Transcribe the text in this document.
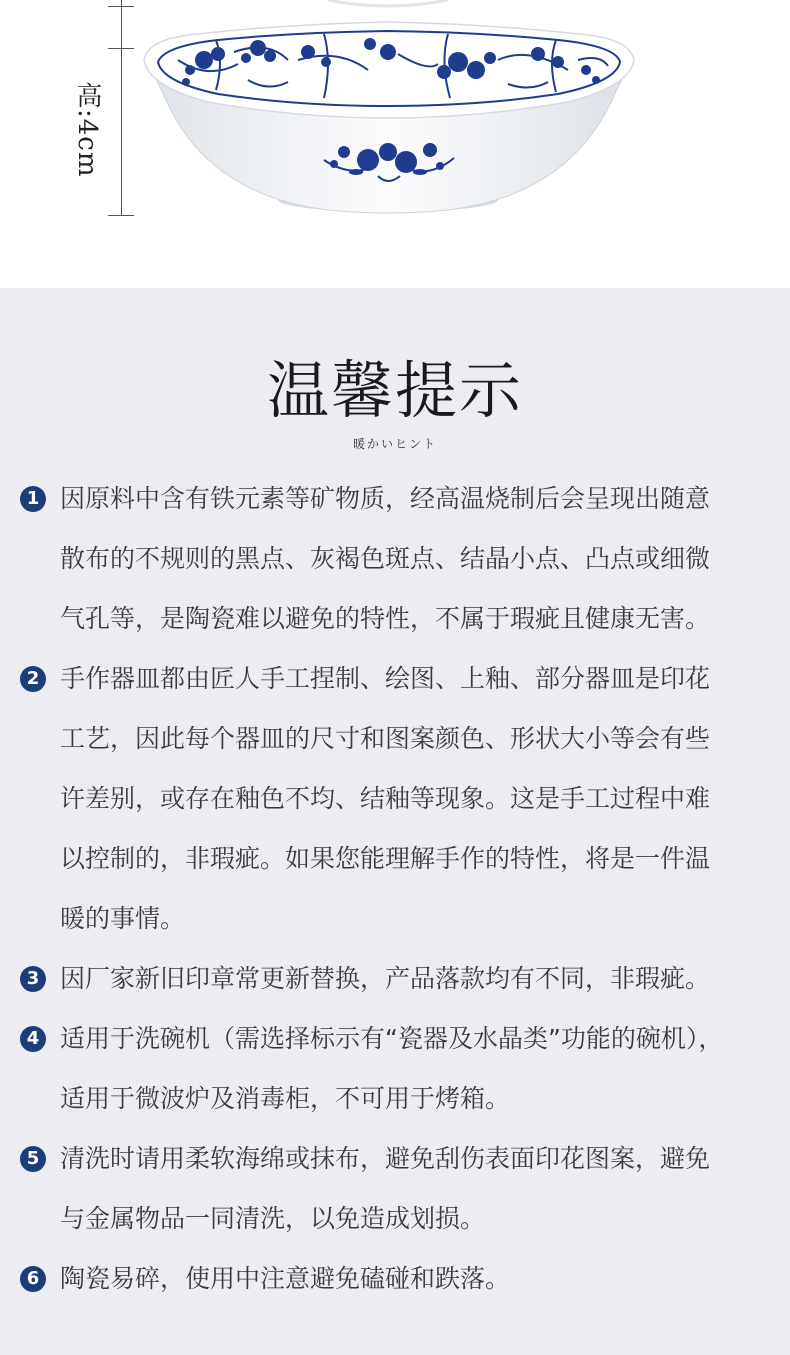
高:4cm
温馨提示
暖かいヒント
1 因原料中含有铁元素等矿物质，经高温烧制后会呈现出随意
散布的不规则的黑点、灰褐色斑点、结晶小点、凸点或细微
气孔等，是陶瓷难以避免的特性，不属于瑕疵且健康无害。

2 手作器皿都由匠人手工捏制、绘图、上釉、部分器皿是印花
工艺，因此每个器皿的尺寸和图案颜色、形状大小等会有些
许差别，或存在釉色不均、结釉等现象。这是手工过程中难
以控制的，非瑕疵。如果您能理解手作的特性，将是一件温
暖的事情。

3 因厂家新旧印章常更新替换，产品落款均有不同，非瑕疵。

4 适用于洗碗机（需选择标示有“瓷器及水晶类”功能的碗机），
适用于微波炉及消毒柜，不可用于烤箱。

5 清洗时请用柔软海绵或抹布，避免刮伤表面印花图案，避免
与金属物品一同清洗，以免造成划损。

6 陶瓷易碎，使用中注意避免磕碰和跌落。
